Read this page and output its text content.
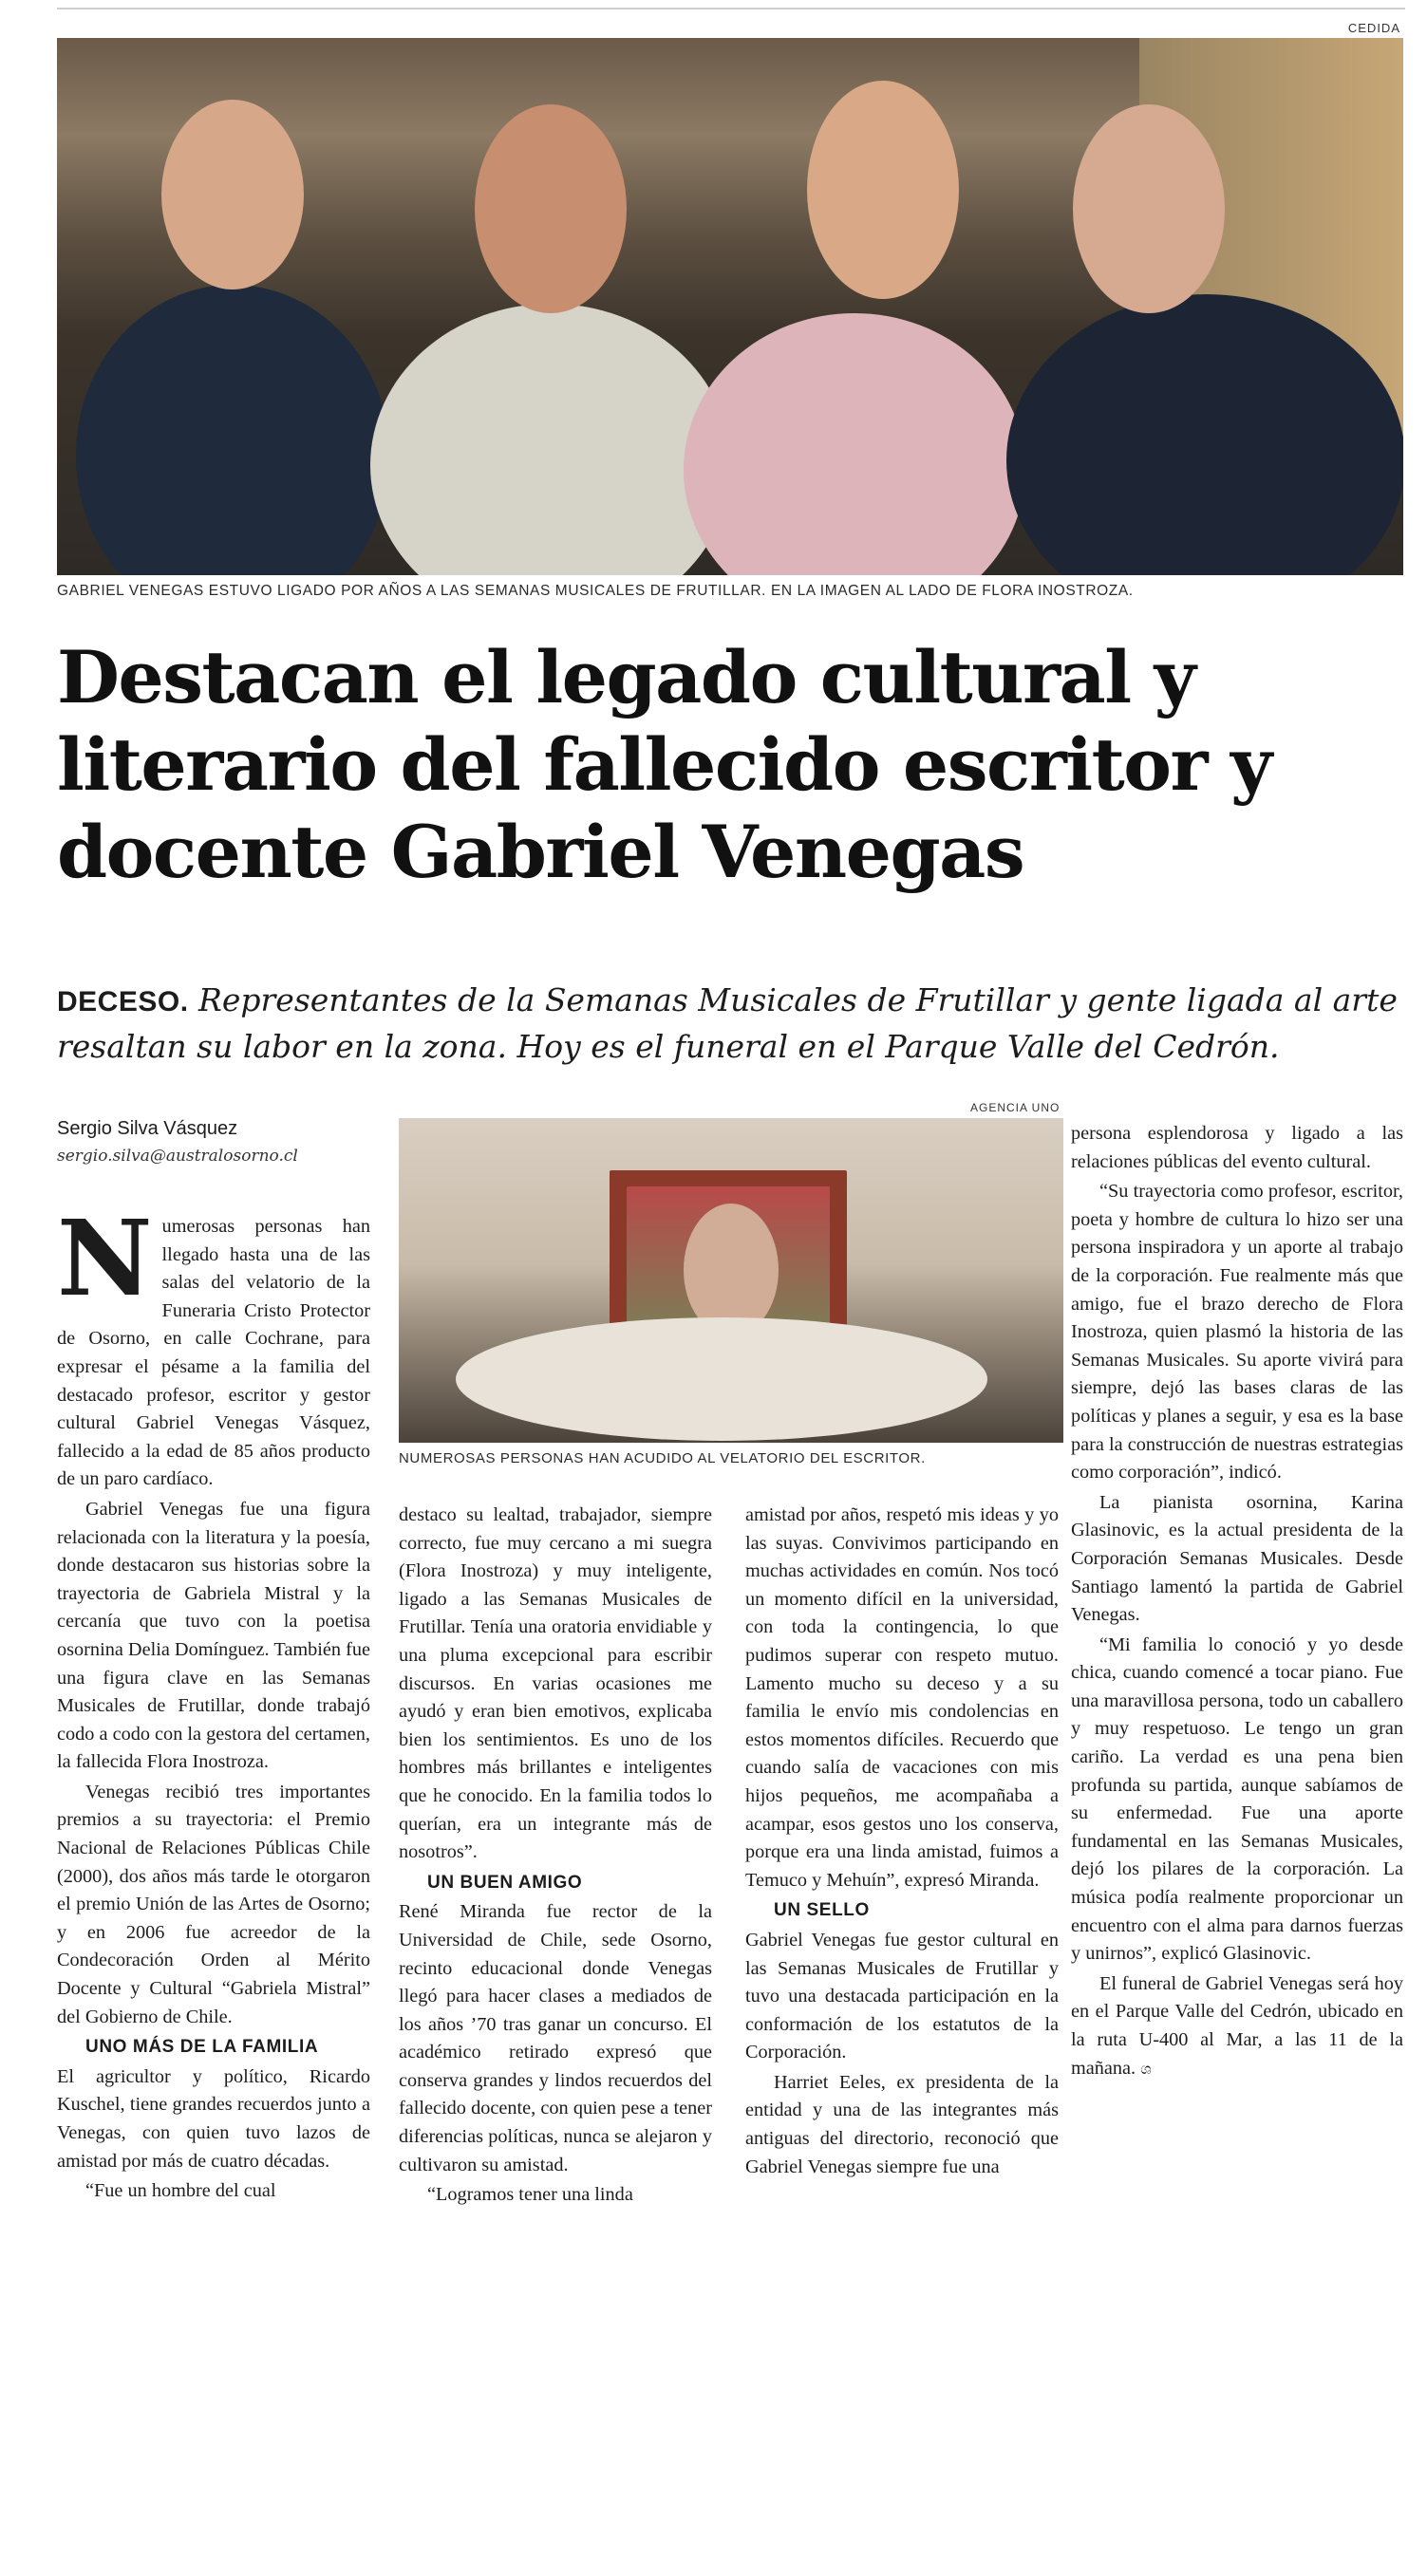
CEDIDA
GABRIEL VENEGAS ESTUVO LIGADO POR AÑOS A LAS SEMANAS MUSICALES DE FRUTILLAR. EN LA IMAGEN AL LADO DE FLORA INOSTROZA.
Destacan el legado cultural y literario del fallecido escritor y docente Gabriel Venegas
DECESO. Representantes de la Semanas Musicales de Frutillar y gente ligada al arte resaltan su labor en la zona. Hoy es el funeral en el Parque Valle del Cedrón.
Sergio Silva Vásquez
sergio.silva@australosorno.cl
AGENCIA UNO
NUMEROSAS PERSONAS HAN ACUDIDO AL VELATORIO DEL ESCRITOR.

Numerosas personas han llegado hasta una de las salas del velatorio de la Funeraria Cristo Protector de Osorno, en calle Cochrane, para expresar el pésame a la familia del destacado profesor, escritor y gestor cultural Gabriel Venegas Vásquez, fallecido a la edad de 85 años producto de un paro cardíaco.

Gabriel Venegas fue una figura relacionada con la literatura y la poesía, donde destacaron sus historias sobre la trayectoria de Gabriela Mistral y la cercanía que tuvo con la poetisa osornina Delia Domínguez. También fue una figura clave en las Semanas Musicales de Frutillar, donde trabajó codo a codo con la gestora del certamen, la fallecida Flora Inostroza.

Venegas recibió tres importantes premios a su trayectoria: el Premio Nacional de Relaciones Públicas Chile (2000), dos años más tarde le otorgaron el premio Unión de las Artes de Osorno; y en 2006 fue acreedor de la Condecoración Orden al Mérito Docente y Cultural “Gabriela Mistral” del Gobierno de Chile.

UNO MÁS DE LA FAMILIA

El agricultor y político, Ricardo Kuschel, tiene grandes recuerdos junto a Venegas, con quien tuvo lazos de amistad por más de cuatro décadas.

“Fue un hombre del cual

destaco su lealtad, trabajador, siempre correcto, fue muy cercano a mi suegra (Flora Inostroza) y muy inteligente, ligado a las Semanas Musicales de Frutillar. Tenía una oratoria envidiable y una pluma excepcional para escribir discursos. En varias ocasiones me ayudó y eran bien emotivos, explicaba bien los sentimientos. Es uno de los hombres más brillantes e inteligentes que he conocido. En la familia todos lo querían, era un integrante más de nosotros”.

UN BUEN AMIGO

René Miranda fue rector de la Universidad de Chile, sede Osorno, recinto educacional donde Venegas llegó para hacer clases a mediados de los años ’70 tras ganar un concurso. El académico retirado expresó que conserva grandes y lindos recuerdos del fallecido docente, con quien pese a tener diferencias políticas, nunca se alejaron y cultivaron su amistad.

“Logramos tener una linda

amistad por años, respetó mis ideas y yo las suyas. Convivimos participando en muchas actividades en común. Nos tocó un momento difícil en la universidad, con toda la contingencia, lo que pudimos superar con respeto mutuo. Lamento mucho su deceso y a su familia le envío mis condolencias en estos momentos difíciles. Recuerdo que cuando salía de vacaciones con mis hijos pequeños, me acompañaba a acampar, esos gestos uno los conserva, porque era una linda amistad, fuimos a Temuco y Mehuín”, expresó Miranda.

UN SELLO

Gabriel Venegas fue gestor cultural en las Semanas Musicales de Frutillar y tuvo una destacada participación en la conformación de los estatutos de la Corporación.

Harriet Eeles, ex presidenta de la entidad y una de las integrantes más antiguas del directorio, reconoció que Gabriel Venegas siempre fue una

persona esplendorosa y ligado a las relaciones públicas del evento cultural.

“Su trayectoria como profesor, escritor, poeta y hombre de cultura lo hizo ser una persona inspiradora y un aporte al trabajo de la corporación. Fue realmente más que amigo, fue el brazo derecho de Flora Inostroza, quien plasmó la historia de las Semanas Musicales. Su aporte vivirá para siempre, dejó las bases claras de las políticas y planes a seguir, y esa es la base para la construcción de nuestras estrategias como corporación”, indicó.

La pianista osornina, Karina Glasinovic, es la actual presidenta de la Corporación Semanas Musicales. Desde Santiago lamentó la partida de Gabriel Venegas.

“Mi familia lo conoció y yo desde chica, cuando comencé a tocar piano. Fue una maravillosa persona, todo un caballero y muy respetuoso. Le tengo un gran cariño. La verdad es una pena bien profunda su partida, aunque sabíamos de su enfermedad. Fue una aporte fundamental en las Semanas Musicales, dejó los pilares de la corporación. La música podía realmente proporcionar un encuentro con el alma para darnos fuerzas y unirnos”, explicó Glasinovic.

El funeral de Gabriel Venegas será hoy en el Parque Valle del Cedrón, ubicado en la ruta U-400 al Mar, a las 11 de la mañana. ශ
